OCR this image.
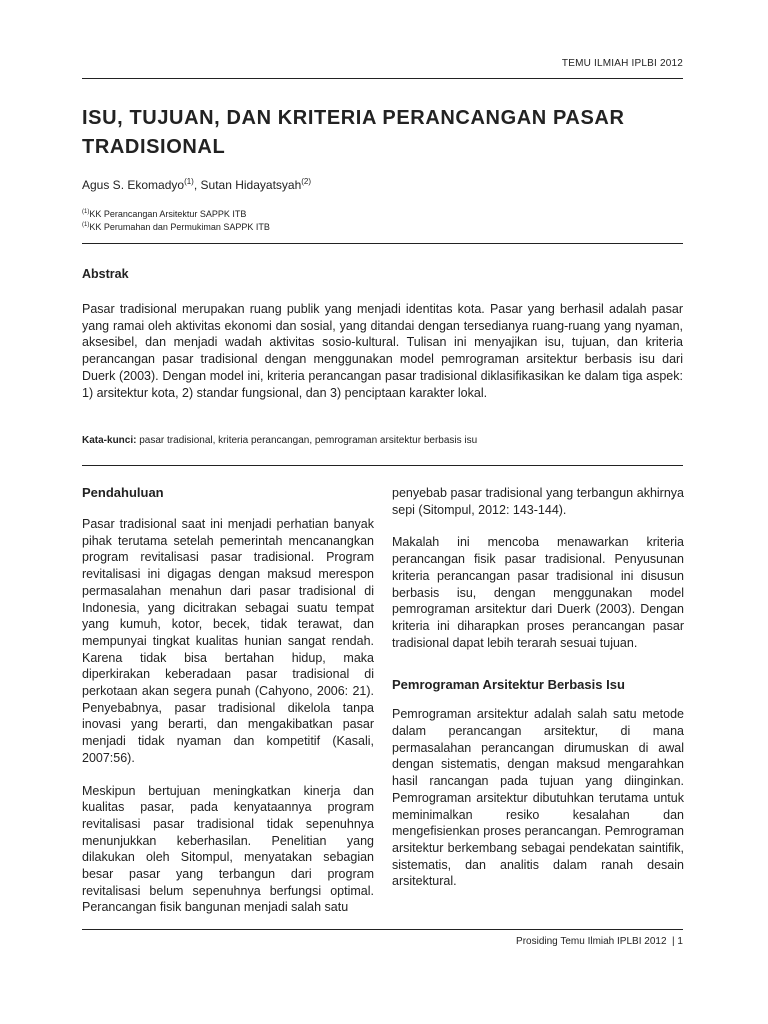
TEMU ILMIAH IPLBI 2012
ISU, TUJUAN, DAN KRITERIA PERANCANGAN PASAR TRADISIONAL
Agus S. Ekomadyo$^{(1)}$, Sutan Hidayatsyah$^{(2)}$
$^{(1)}$KK Perancangan Arsitektur SAPPK ITB
$^{(1)}$KK Perumahan dan Permukiman SAPPK ITB
Abstrak

Pasar tradisional merupakan ruang publik yang menjadi identitas kota. Pasar yang berhasil adalah pasar yang ramai oleh aktivitas ekonomi dan sosial, yang ditandai dengan tersedianya ruang-ruang yang nyaman, aksesibel, dan menjadi wadah aktivitas sosio-kultural. Tulisan ini menyajikan isu, tujuan, dan kriteria perancangan pasar tradisional dengan menggunakan model pemrograman arsitektur berbasis isu dari Duerk (2003). Dengan model ini, kriteria perancangan pasar tradisional diklasifikasikan ke dalam tiga aspek: 1) arsitektur kota, 2) standar fungsional, dan 3) penciptaan karakter lokal.

Kata-kunci: pasar tradisional, kriteria perancangan, pemrograman arsitektur berbasis isu

Pendahuluan

Pasar tradisional saat ini menjadi perhatian banyak pihak terutama setelah pemerintah mencanangkan program revitalisasi pasar tradisional. Program revitalisasi ini digagas dengan maksud merespon permasalahan menahun dari pasar tradisional di Indonesia, yang dicitrakan sebagai suatu tempat yang kumuh, kotor, becek, tidak terawat, dan mempunyai tingkat kualitas hunian sangat rendah. Karena tidak bisa bertahan hidup, maka diperkirakan keberadaan pasar tradisional di perkotaan akan segera punah (Cahyono, 2006: 21). Penyebabnya, pasar tradisional dikelola tanpa inovasi yang berarti, dan mengakibatkan pasar menjadi tidak nyaman dan kompetitif (Kasali, 2007:56).

Meskipun bertujuan meningkatkan kinerja dan kualitas pasar, pada kenyataannya program revitalisasi pasar tradisional tidak sepenuhnya menunjukkan keberhasilan. Penelitian yang dilakukan oleh Sitompul, menyatakan sebagian besar pasar yang terbangun dari program revitalisasi belum sepenuhnya berfungsi optimal. Perancangan fisik bangunan menjadi salah satu

penyebab pasar tradisional yang terbangun akhirnya sepi (Sitompul, 2012: 143-144).

Makalah ini mencoba menawarkan kriteria perancangan fisik pasar tradisional. Penyusunan kriteria perancangan pasar tradisional ini disusun berbasis isu, dengan menggunakan model pemrograman arsitektur dari Duerk (2003). Dengan kriteria ini diharapkan proses perancangan pasar tradisional dapat lebih terarah sesuai tujuan.

Pemrograman Arsitektur Berbasis Isu

Pemrograman arsitektur adalah salah satu metode dalam perancangan arsitektur, di mana permasalahan perancangan dirumuskan di awal dengan sistematis, dengan maksud mengarahkan hasil rancangan pada tujuan yang diinginkan. Pemrograman arsitektur dibutuhkan terutama untuk meminimalkan resiko kesalahan dan mengefisienkan proses perancangan. Pemrograman arsitektur berkembang sebagai pendekatan saintifik, sistematis, dan analitis dalam ranah desain arsitektural.

Prosiding Temu Ilmiah IPLBI 2012  | 1
